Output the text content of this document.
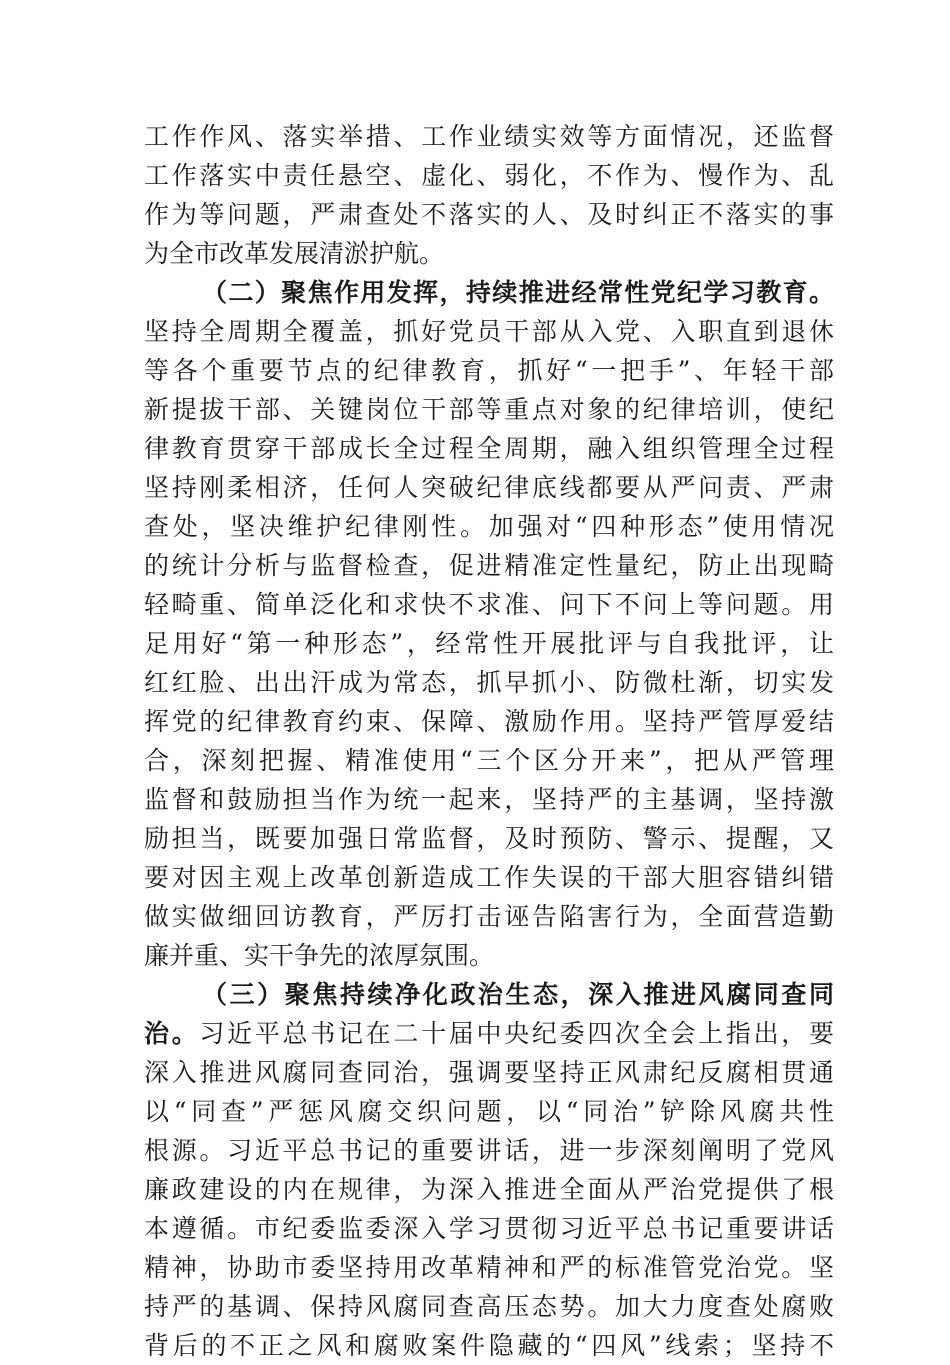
工作作风、落实举措、工作业绩实效等方面情况，还监督
工作落实中责任悬空、虚化、弱化，不作为、慢作为、乱
作为等问题，严肃查处不落实的人、及时纠正不落实的事
为全市改革发展清淤护航。
（二）聚焦作用发挥，持续推进经常性党纪学习教育。
坚持全周期全覆盖，抓好党员干部从入党、入职直到退休
等各个重要节点的纪律教育，抓好“一把手”、年轻干部
新提拔干部、关键岗位干部等重点对象的纪律培训，使纪
律教育贯穿干部成长全过程全周期，融入组织管理全过程
坚持刚柔相济，任何人突破纪律底线都要从严问责、严肃
查处，坚决维护纪律刚性。加强对“四种形态”使用情况
的统计分析与监督检查，促进精准定性量纪，防止出现畸
轻畸重、简单泛化和求快不求准、问下不问上等问题。用
足用好“第一种形态”，经常性开展批评与自我批评，让
红红脸、出出汗成为常态，抓早抓小、防微杜渐，切实发
挥党的纪律教育约束、保障、激励作用。坚持严管厚爱结
合，深刻把握、精准使用“三个区分开来”，把从严管理
监督和鼓励担当作为统一起来，坚持严的主基调，坚持激
励担当，既要加强日常监督，及时预防、警示、提醒，又
要对因主观上改革创新造成工作失误的干部大胆容错纠错
做实做细回访教育，严厉打击诬告陷害行为，全面营造勤
廉并重、实干争先的浓厚氛围。
（三）聚焦持续净化政治生态，深入推进风腐同查同
治。习近平总书记在二十届中央纪委四次全会上指出，要
深入推进风腐同查同治，强调要坚持正风肃纪反腐相贯通
以“同查”严惩风腐交织问题，以“同治”铲除风腐共性
根源。习近平总书记的重要讲话，进一步深刻阐明了党风
廉政建设的内在规律，为深入推进全面从严治党提供了根
本遵循。市纪委监委深入学习贯彻习近平总书记重要讲话
精神，协助市委坚持用改革精神和严的标准管党治党。坚
持严的基调、保持风腐同查高压态势。加大力度查处腐败
背后的不正之风和腐败案件隐藏的“四风”线索；坚持不
